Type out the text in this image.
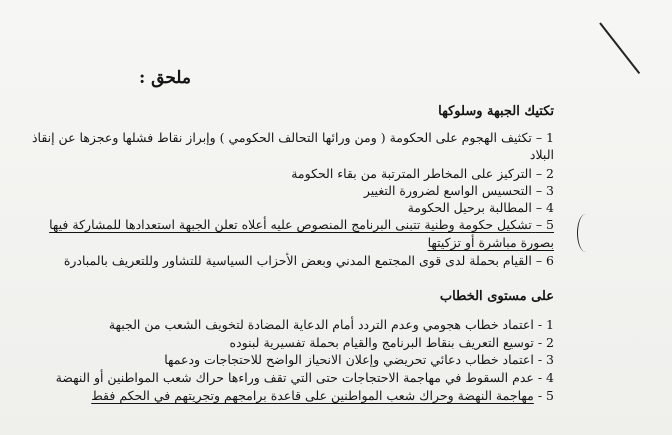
ملحق :
تكتيك الجبهة وسلوكها
1 – تكثيف الهجوم على الحكومة ( ومن ورائها التحالف الحكومي ) وإبراز نقاط فشلها وعجزها عن إنقاذ
البلاد
2 – التركيز على المخاطر المترتبة من بقاء الحكومة
3 – التحسيس الواسع لضرورة التغيير
4 – المطالبة برحيل الحكومة
5 – تشكيل حكومة وطنية تتبنى البرنامج المنصوص عليه أعلاه تعلن الجبهة استعدادها للمشاركة فيها
بصورة مباشرة أو تزكيتها
6 – القيام بحملة لدى قوى المجتمع المدني وبعض الأحزاب السياسية للتشاور وللتعريف بالمبادرة
على مستوى الخطاب
1 - اعتماد خطاب هجومي وعدم التردد أمام الدعاية المضادة لتخويف الشعب من الجبهة
2 - توسيع التعريف بنقاط البرنامج والقيام بحملة تفسيرية لبنوده
3 - اعتماد خطاب دعائي تحريضي وإعلان الانحياز الواضح للاحتجاجات ودعمها
4 - عدم السقوط في مهاجمة الاحتجاجات حتى التي تقف وراءها حراك شعب المواطنين أو النهضة
5 - مهاجمة النهضة وحراك شعب المواطنين على قاعدة برامجهم وتجريتهم في الحكم فقط
